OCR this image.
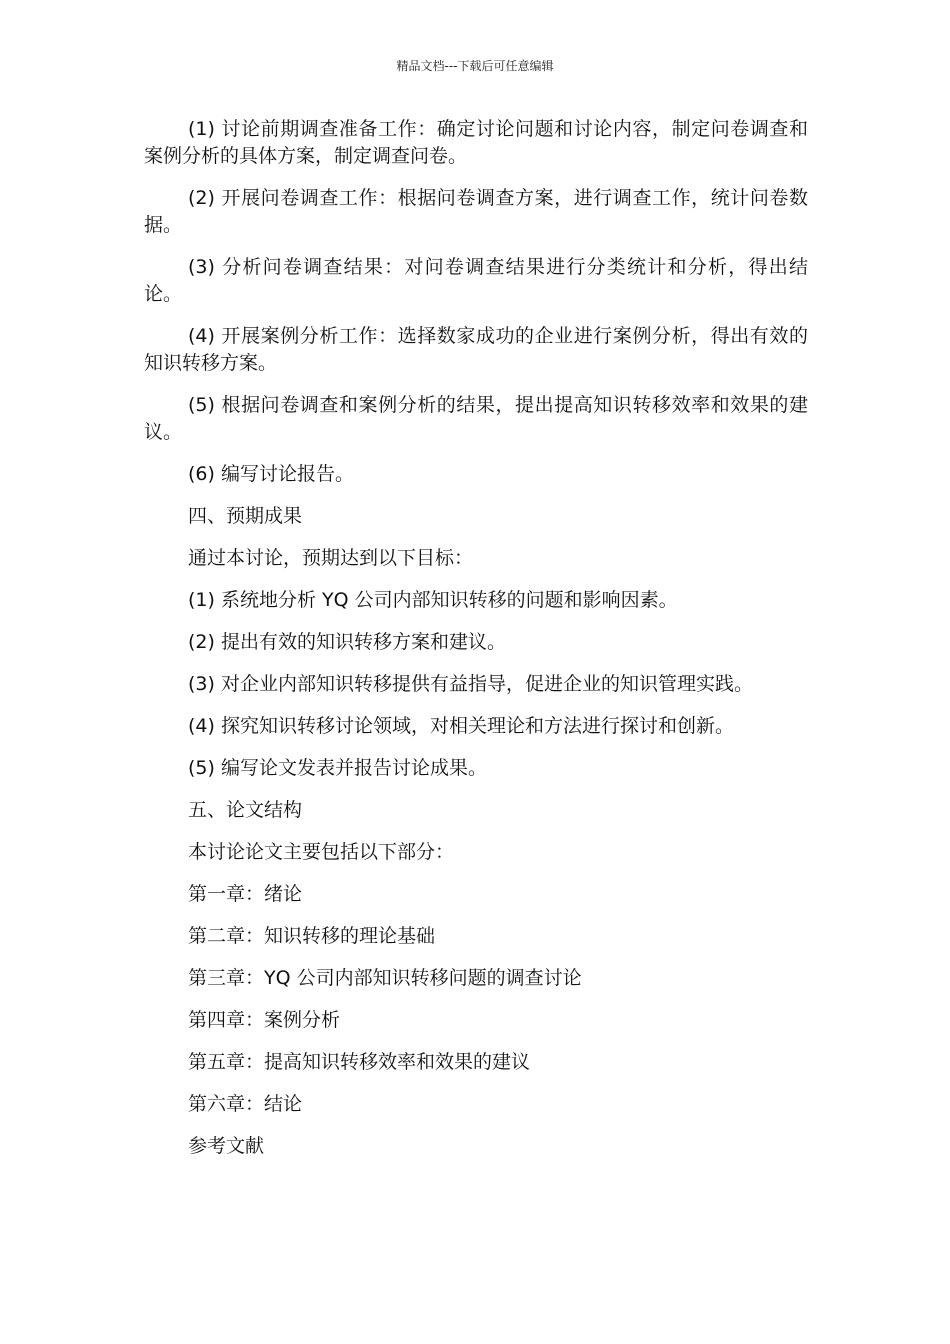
精品文档---下载后可任意编辑

(1) 讨论前期调查准备工作：确定讨论问题和讨论内容，制定问卷调查和案例分析的具体方案，制定调查问卷。

(2) 开展问卷调查工作：根据问卷调查方案，进行调查工作，统计问卷数据。

(3) 分析问卷调查结果：对问卷调查结果进行分类统计和分析，得出结论。

(4) 开展案例分析工作：选择数家成功的企业进行案例分析，得出有效的知识转移方案。

(5) 根据问卷调查和案例分析的结果，提出提高知识转移效率和效果的建议。

(6) 编写讨论报告。

四、预期成果

通过本讨论，预期达到以下目标：

(1) 系统地分析 YQ 公司内部知识转移的问题和影响因素。

(2) 提出有效的知识转移方案和建议。

(3) 对企业内部知识转移提供有益指导，促进企业的知识管理实践。

(4) 探究知识转移讨论领域，对相关理论和方法进行探讨和创新。

(5) 编写论文发表并报告讨论成果。

五、论文结构

本讨论论文主要包括以下部分：

第一章：绪论

第二章：知识转移的理论基础

第三章：YQ 公司内部知识转移问题的调查讨论

第四章：案例分析

第五章：提高知识转移效率和效果的建议

第六章：结论

参考文献
